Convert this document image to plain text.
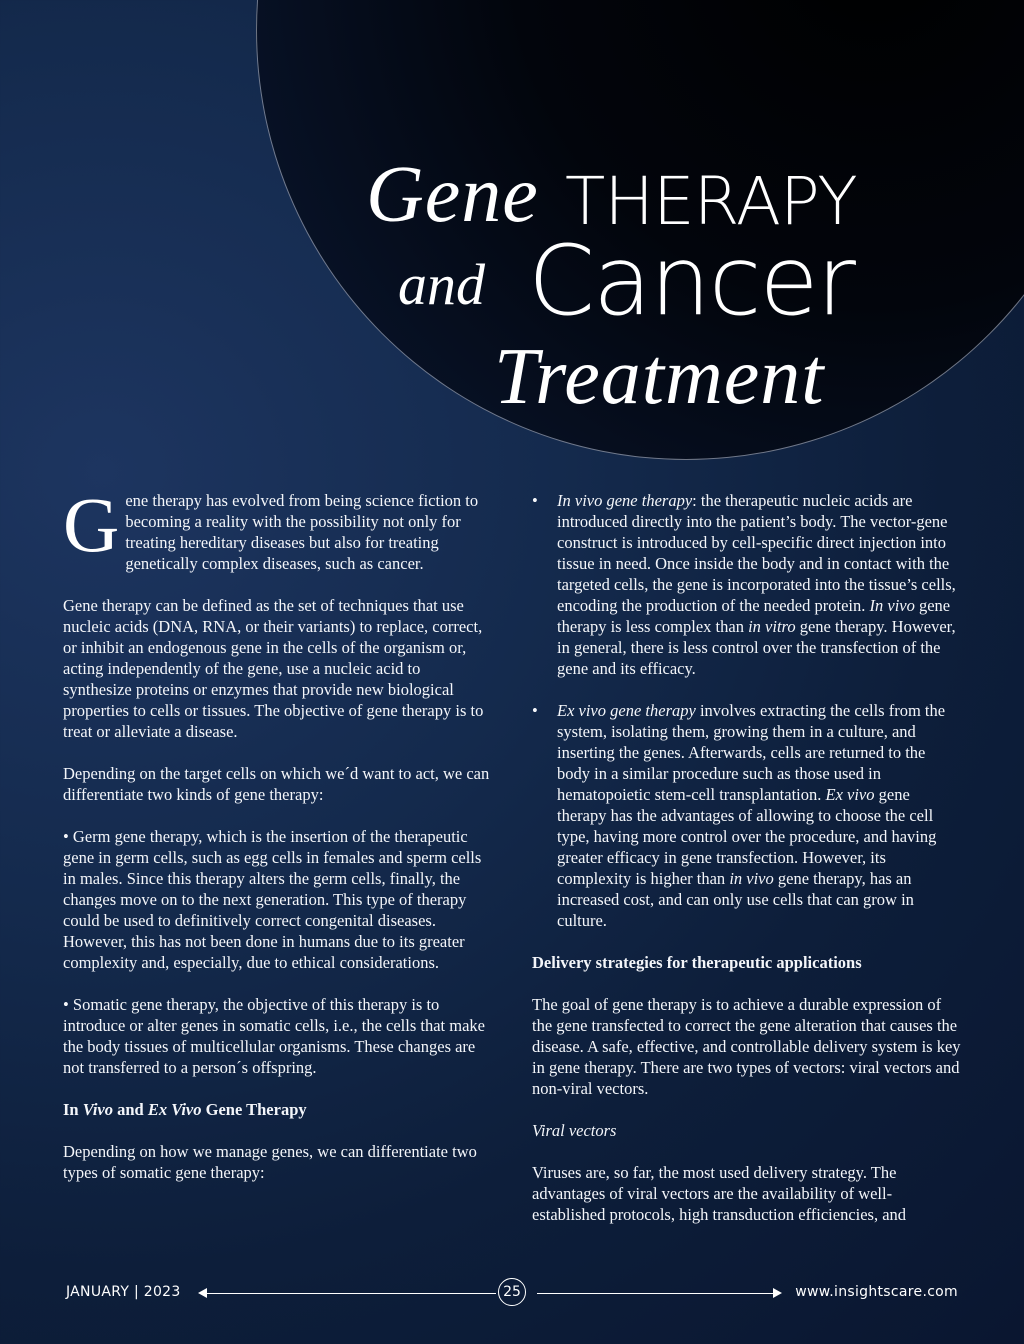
Gene THERAPY
and Cancer
Treatment

Gene therapy has evolved from being science fiction to becoming a reality with the possibility not only for treating hereditary diseases but also for treating genetically complex diseases, such as cancer.

Gene therapy can be defined as the set of techniques that use nucleic acids (DNA, RNA, or their variants) to replace, correct, or inhibit an endogenous gene in the cells of the organism or, acting independently of the gene, use a nucleic acid to synthesize proteins or enzymes that provide new biological properties to cells or tissues. The objective of gene therapy is to treat or alleviate a disease.

Depending on the target cells on which we´d want to act, we can differentiate two kinds of gene therapy:

• Germ gene therapy, which is the insertion of the therapeutic gene in germ cells, such as egg cells in females and sperm cells in males. Since this therapy alters the germ cells, finally, the changes move on to the next generation. This type of therapy could be used to definitively correct congenital diseases. However, this has not been done in humans due to its greater complexity and, especially, due to ethical considerations.

• Somatic gene therapy, the objective of this therapy is to introduce or alter genes in somatic cells, i.e., the cells that make the body tissues of multicellular organisms. These changes are not transferred to a person´s offspring.

In Vivo and Ex Vivo Gene Therapy

Depending on how we manage genes, we can differentiate two types of somatic gene therapy:

• In vivo gene therapy: the therapeutic nucleic acids are introduced directly into the patient’s body. The vector-gene construct is introduced by cell-specific direct injection into tissue in need. Once inside the body and in contact with the targeted cells, the gene is incorporated into the tissue’s cells, encoding the production of the needed protein. In vivo gene therapy is less complex than in vitro gene therapy. However, in general, there is less control over the transfection of the gene and its efficacy.

• Ex vivo gene therapy involves extracting the cells from the system, isolating them, growing them in a culture, and inserting the genes. Afterwards, cells are returned to the body in a similar procedure such as those used in hematopoietic stem-cell transplantation. Ex vivo gene therapy has the advantages of allowing to choose the cell type, having more control over the procedure, and having greater efficacy in gene transfection. However, its complexity is higher than in vivo gene therapy, has an increased cost, and can only use cells that can grow in culture.

Delivery strategies for therapeutic applications

The goal of gene therapy is to achieve a durable expression of the gene transfected to correct the gene alteration that causes the disease. A safe, effective, and controllable delivery system is key in gene therapy. There are two types of vectors: viral vectors and non-viral vectors.

Viral vectors

Viruses are, so far, the most used delivery strategy. The advantages of viral vectors are the availability of well-established protocols, high transduction efficiencies, and

JANUARY | 2023	25	www.insightscare.com
